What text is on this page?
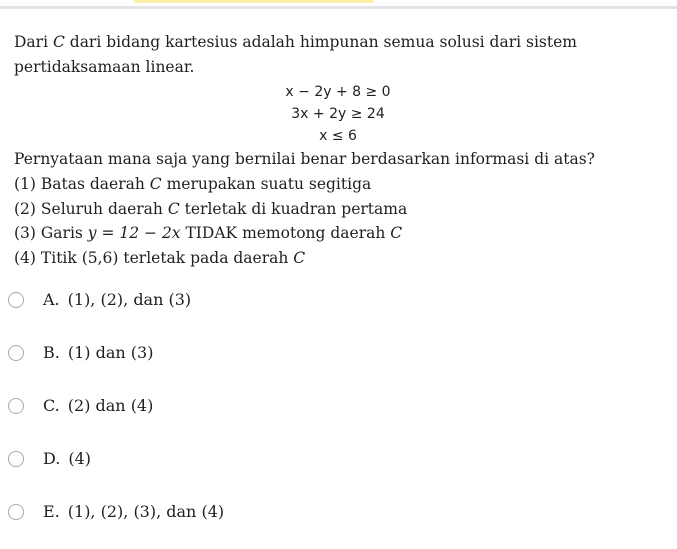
Dari C dari bidang kartesius adalah himpunan semua solusi dari sistem pertidaksamaan linear.

x − 2y + 8 ≥ 0
3x + 2y ≥ 24
x ≤ 6

Pernyataan mana saja yang bernilai benar berdasarkan informasi di atas?

(1) Batas daerah C merupakan suatu segitiga
(2) Seluruh daerah C terletak di kuadran pertama
(3) Garis y = 12 − 2x TIDAK memotong daerah C
(4) Titik (5,6) terletak pada daerah C
A. (1), (2), dan (3)
B. (1) dan (3)
C. (2) dan (4)
D. (4)
E. (1), (2), (3), dan (4)
